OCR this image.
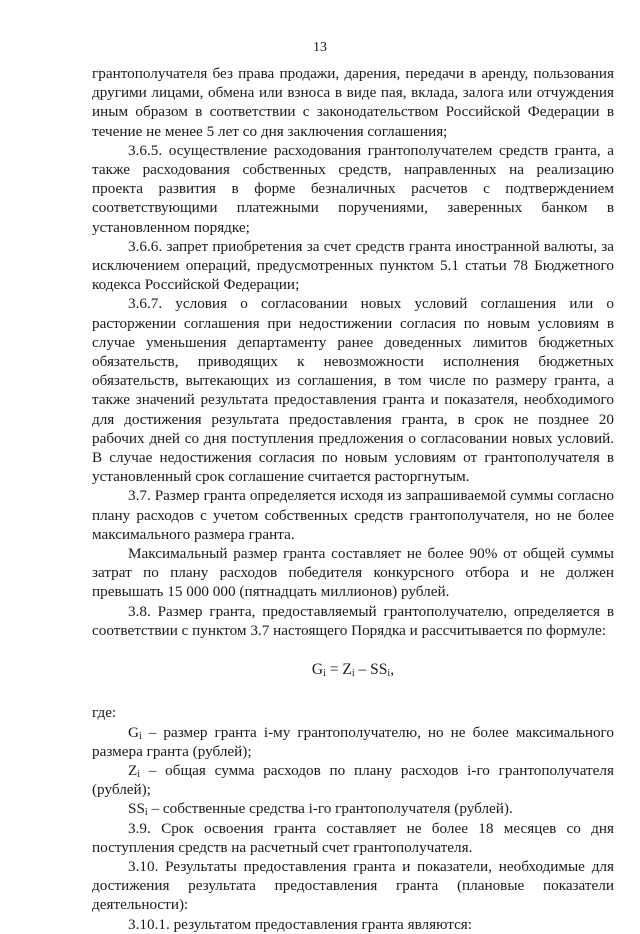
13

грантополучателя без права продажи, дарения, передачи в аренду, пользования другими лицами, обмена или взноса в виде пая, вклада, залога или отчуждения иным образом в соответствии с законодательством Российской Федерации в течение не менее 5 лет со дня заключения соглашения;

3.6.5. осуществление расходования грантополучателем средств гранта, а также расходования собственных средств, направленных на реализацию проекта развития в форме безналичных расчетов с подтверждением соответствующими платежными поручениями, заверенных банком в установленном порядке;

3.6.6. запрет приобретения за счет средств гранта иностранной валюты, за исключением операций, предусмотренных пунктом 5.1 статьи 78 Бюджетного кодекса Российской Федерации;

3.6.7. условия о согласовании новых условий соглашения или о расторжении соглашения при недостижении согласия по новым условиям в случае уменьшения департаменту ранее доведенных лимитов бюджетных обязательств, приводящих к невозможности исполнения бюджетных обязательств, вытекающих из соглашения, в том числе по размеру гранта, а также значений результата предоставления гранта и показателя, необходимого для достижения результата предоставления гранта, в срок не позднее 20 рабочих дней со дня поступления предложения о согласовании новых условий. В случае недостижения согласия по новым условиям от грантополучателя в установленный срок соглашение считается расторгнутым.

3.7. Размер гранта определяется исходя из запрашиваемой суммы согласно плану расходов с учетом собственных средств грантополучателя, но не более максимального размера гранта.

Максимальный размер гранта составляет не более 90% от общей суммы затрат по плану расходов победителя конкурсного отбора и не должен превышать 15 000 000 (пятнадцать миллионов) рублей.

3.8. Размер гранта, предоставляемый грантополучателю, определяется в соответствии с пунктом 3.7 настоящего Порядка и рассчитывается по формуле:

$G_i = Z_i - SS_i$,

где:

$G_i$ – размер гранта i-му грантополучателю, но не более максимального размера гранта (рублей);

$Z_i$ – общая сумма расходов по плану расходов i-го грантополучателя (рублей);

$SS_i$ – собственные средства i-го грантополучателя (рублей).

3.9. Срок освоения гранта составляет не более 18 месяцев со дня поступления средств на расчетный счет грантополучателя.

3.10. Результаты предоставления гранта и показатели, необходимые для достижения результата предоставления гранта (плановые показатели деятельности):

3.10.1. результатом предоставления гранта являются:
